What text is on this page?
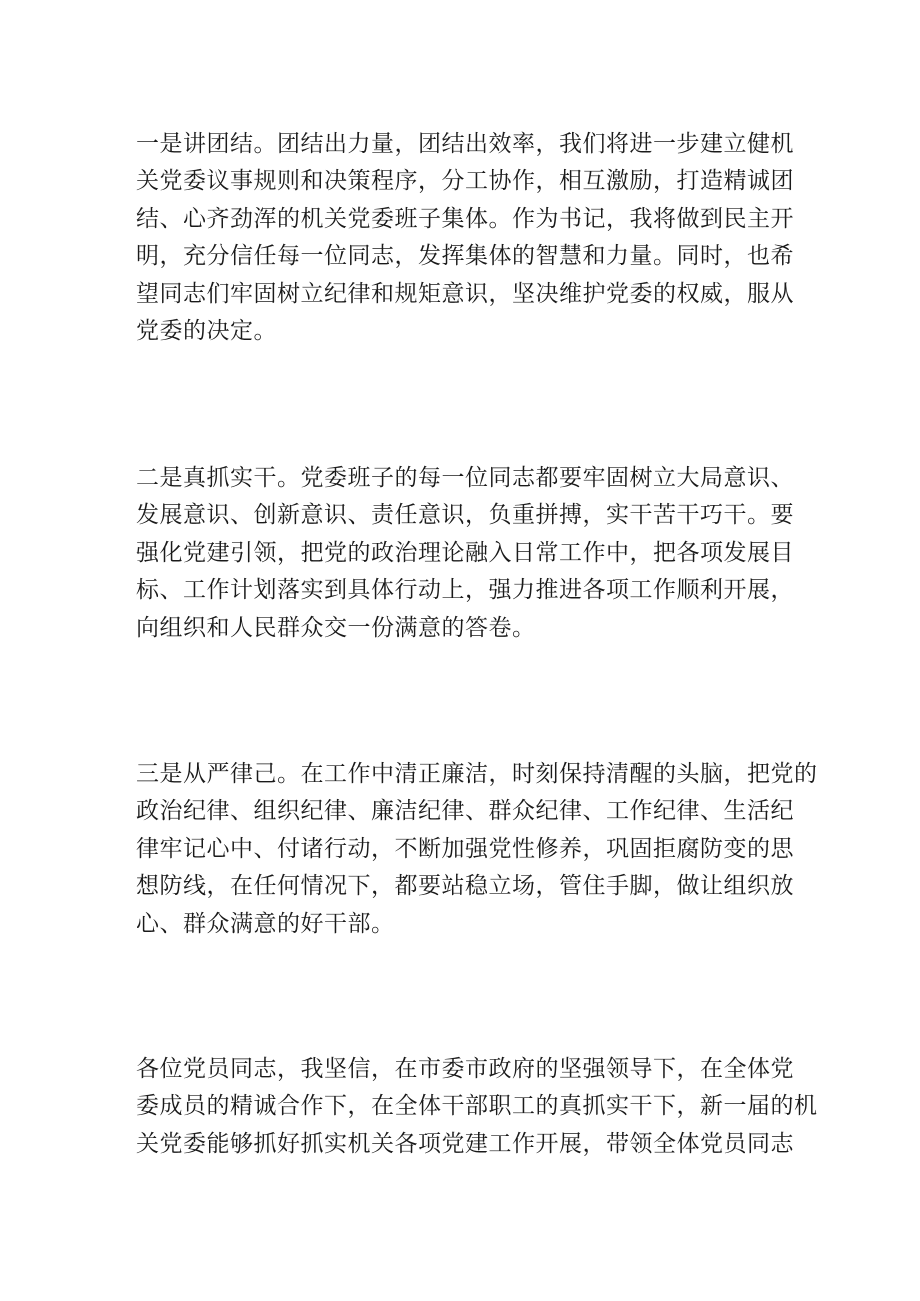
一是讲团结。团结出力量，团结出效率，我们将进一步建立健机
关党委议事规则和决策程序，分工协作，相互激励，打造精诚团
结、心齐劲浑的机关党委班子集体。作为书记，我将做到民主开
明，充分信任每一位同志，发挥集体的智慧和力量。同时，也希
望同志们牢固树立纪律和规矩意识，坚决维护党委的权威，服从
党委的决定。

二是真抓实干。党委班子的每一位同志都要牢固树立大局意识、
发展意识、创新意识、责任意识，负重拼搏，实干苦干巧干。要
强化党建引领，把党的政治理论融入日常工作中，把各项发展目
标、工作计划落实到具体行动上，强力推进各项工作顺利开展，
向组织和人民群众交一份满意的答卷。

三是从严律己。在工作中清正廉洁，时刻保持清醒的头脑，把党的
政治纪律、组织纪律、廉洁纪律、群众纪律、工作纪律、生活纪
律牢记心中、付诸行动，不断加强党性修养，巩固拒腐防变的思
想防线，在任何情况下，都要站稳立场，管住手脚，做让组织放
心、群众满意的好干部。

各位党员同志，我坚信，在市委市政府的坚强领导下，在全体党
委成员的精诚合作下，在全体干部职工的真抓实干下，新一届的机
关党委能够抓好抓实机关各项党建工作开展，带领全体党员同志
